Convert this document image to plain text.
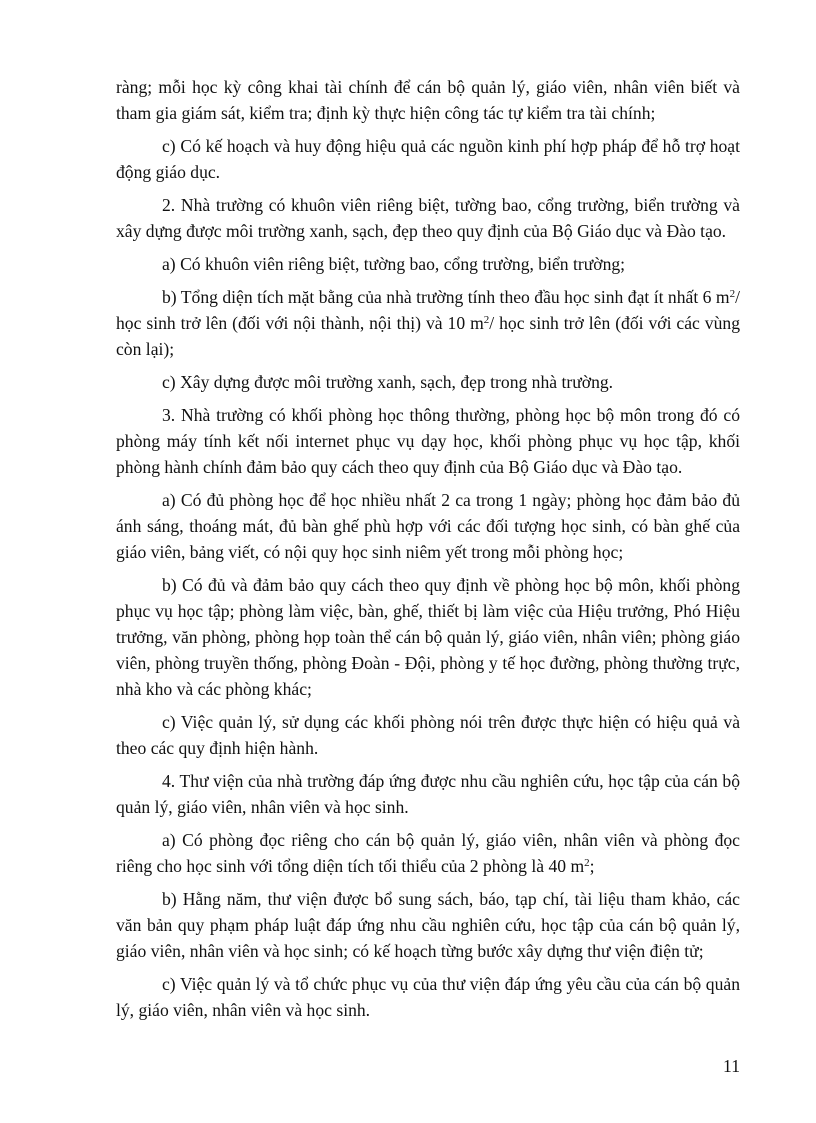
ràng; mỗi học kỳ công khai tài chính để cán bộ quản lý, giáo viên, nhân viên biết và tham gia giám sát, kiểm tra; định kỳ thực hiện công tác tự kiểm tra tài chính;

c) Có kế hoạch và huy động hiệu quả các nguồn kinh phí hợp pháp để hỗ trợ hoạt động giáo dục.

2. Nhà trường có khuôn viên riêng biệt, tường bao, cổng trường, biển trường và xây dựng được môi trường xanh, sạch, đẹp theo quy định của Bộ Giáo dục và Đào tạo.

a) Có khuôn viên riêng biệt, tường bao, cổng trường, biển trường;

b) Tổng diện tích mặt bằng của nhà trường tính theo đầu học sinh đạt ít nhất 6 $m^2/$ học sinh trở lên (đối với nội thành, nội thị) và 10 $m^2/$ học sinh trở lên (đối với các vùng còn lại);

c) Xây dựng được môi trường xanh, sạch, đẹp trong nhà trường.

3. Nhà trường có khối phòng học thông thường, phòng học bộ môn trong đó có phòng máy tính kết nối internet phục vụ dạy học, khối phòng phục vụ học tập, khối phòng hành chính đảm bảo quy cách theo quy định của Bộ Giáo dục và Đào tạo.

a) Có đủ phòng học để học nhiều nhất 2 ca trong 1 ngày; phòng học đảm bảo đủ ánh sáng, thoáng mát, đủ bàn ghế phù hợp với các đối tượng học sinh, có bàn ghế của giáo viên, bảng viết, có nội quy học sinh niêm yết trong mỗi phòng học;

b) Có đủ và đảm bảo quy cách theo quy định về phòng học bộ môn, khối phòng phục vụ học tập; phòng làm việc, bàn, ghế, thiết bị làm việc của Hiệu trưởng, Phó Hiệu trưởng, văn phòng, phòng họp toàn thể cán bộ quản lý, giáo viên, nhân viên; phòng giáo viên, phòng truyền thống, phòng Đoàn - Đội, phòng y tế học đường, phòng thường trực, nhà kho và các phòng khác;

c) Việc quản lý, sử dụng các khối phòng nói trên được thực hiện có hiệu quả và theo các quy định hiện hành.

4. Thư viện của nhà trường đáp ứng được nhu cầu nghiên cứu, học tập của cán bộ quản lý, giáo viên, nhân viên và học sinh.

a) Có phòng đọc riêng cho cán bộ quản lý, giáo viên, nhân viên và phòng đọc riêng cho học sinh với tổng diện tích tối thiểu của 2 phòng là 40 $m^2$;

b) Hằng năm, thư viện được bổ sung sách, báo, tạp chí, tài liệu tham khảo, các văn bản quy phạm pháp luật đáp ứng nhu cầu nghiên cứu, học tập của cán bộ quản lý, giáo viên, nhân viên và học sinh; có kế hoạch từng bước xây dựng thư viện điện tử;

c) Việc quản lý và tổ chức phục vụ của thư viện đáp ứng yêu cầu của cán bộ quản lý, giáo viên, nhân viên và học sinh.

11
